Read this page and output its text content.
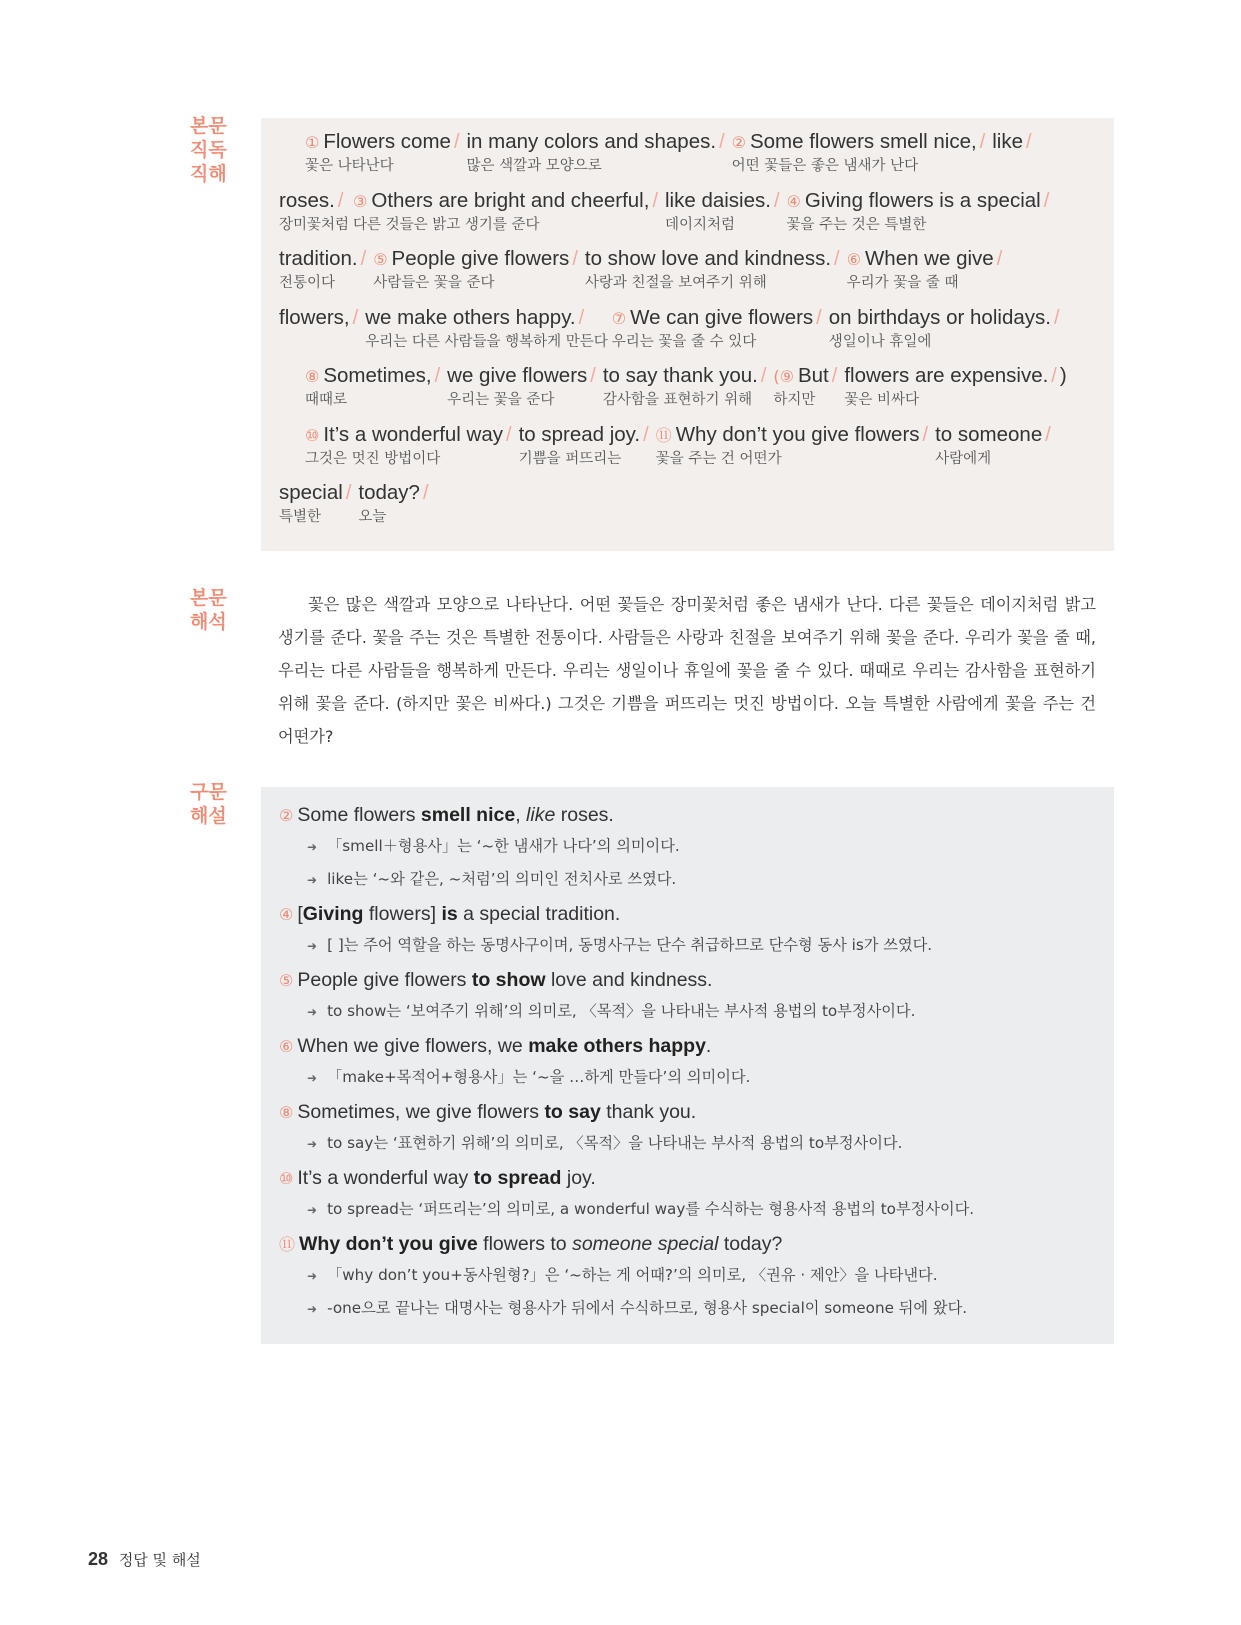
본문
직독
직해
① Flowers come /
꽃은 나타난다
in many colors and shapes. /
많은 색깔과 모양으로
② Some flowers smell nice, /
어떤 꽃들은 좋은 냄새가 난다
like /

roses. /
장미꽃처럼
③ Others are bright and cheerful, /
다른 것들은 밝고 생기를 준다
like daisies. /
데이지처럼
④ Giving flowers is a special /
꽃을 주는 것은 특별한
tradition. /
전통이다
⑤ People give flowers /
사람들은 꽃을 준다
to show love and kindness. /
사랑과 친절을 보여주기 위해
⑥ When we give /
우리가 꽃을 줄 때
flowers, /
we make others happy. /
우리는 다른 사람들을 행복하게 만든다
⑦ We can give flowers /
우리는 꽃을 줄 수 있다
on birthdays or holidays. /
생일이나 휴일에
⑧ Sometimes, /
때때로
we give flowers /
우리는 꽃을 준다
to say thank you. /
감사함을 표현하기 위해
(⑨ But /
하지만
flowers are expensive. / )
꽃은 비싸다
⑩ It’s a wonderful way /
그것은 멋진 방법이다
to spread joy. /
기쁨을 퍼뜨리는
⑪ Why don’t you give flowers /
꽃을 주는 건 어떤가
to someone /
사람에게
special /
특별한
today? /
오늘
본문
해석

꽃은 많은 색깔과 모양으로 나타난다. 어떤 꽃들은 장미꽃처럼 좋은 냄새가 난다. 다른 꽃들은 데이지처럼 밝고 생기를 준다. 꽃을 주는 것은 특별한 전통이다. 사람들은 사랑과 친절을 보여주기 위해 꽃을 준다. 우리가 꽃을 줄 때, 우리는 다른 사람들을 행복하게 만든다. 우리는 생일이나 휴일에 꽃을 줄 수 있다. 때때로 우리는 감사함을 표현하기 위해 꽃을 준다. (하지만 꽃은 비싸다.) 그것은 기쁨을 퍼뜨리는 멋진 방법이다. 오늘 특별한 사람에게 꽃을 주는 건 어떤가?

구문
해설	② Some flowers smell nice, like roses.
➜ 「smell＋형용사」는 ‘~한 냄새가 나다’의 의미이다.
➜ like는 ‘~와 같은, ~처럼’의 의미인 전치사로 쓰였다.
④ [Giving flowers] is a special tradition.
➜ [ ]는 주어 역할을 하는 동명사구이며, 동명사구는 단수 취급하므로 단수형 동사 is가 쓰였다.
⑤ People give flowers to show love and kindness.
➜ to show는 ‘보여주기 위해’의 의미로, 〈목적〉을 나타내는 부사적 용법의 to부정사이다.
⑥ When we give flowers, we make others happy.
➜ 「make+목적어+형용사」는 ‘~을 …하게 만들다’의 의미이다.
⑧ Sometimes, we give flowers to say thank you.
➜ to say는 ‘표현하기 위해’의 의미로, 〈목적〉을 나타내는 부사적 용법의 to부정사이다.
⑩ It’s a wonderful way to spread joy.
➜ to spread는 ‘퍼뜨리는’의 의미로, a wonderful way를 수식하는 형용사적 용법의 to부정사이다.
⑪ Why don’t you give flowers to someone special today?
➜ 「why don’t you+동사원형?」은 ‘~하는 게 어때?’의 의미로, 〈권유 · 제안〉을 나타낸다.
➜ -one으로 끝나는 대명사는 형용사가 뒤에서 수식하므로, 형용사 special이 someone 뒤에 왔다.
28 정답 및 해설
